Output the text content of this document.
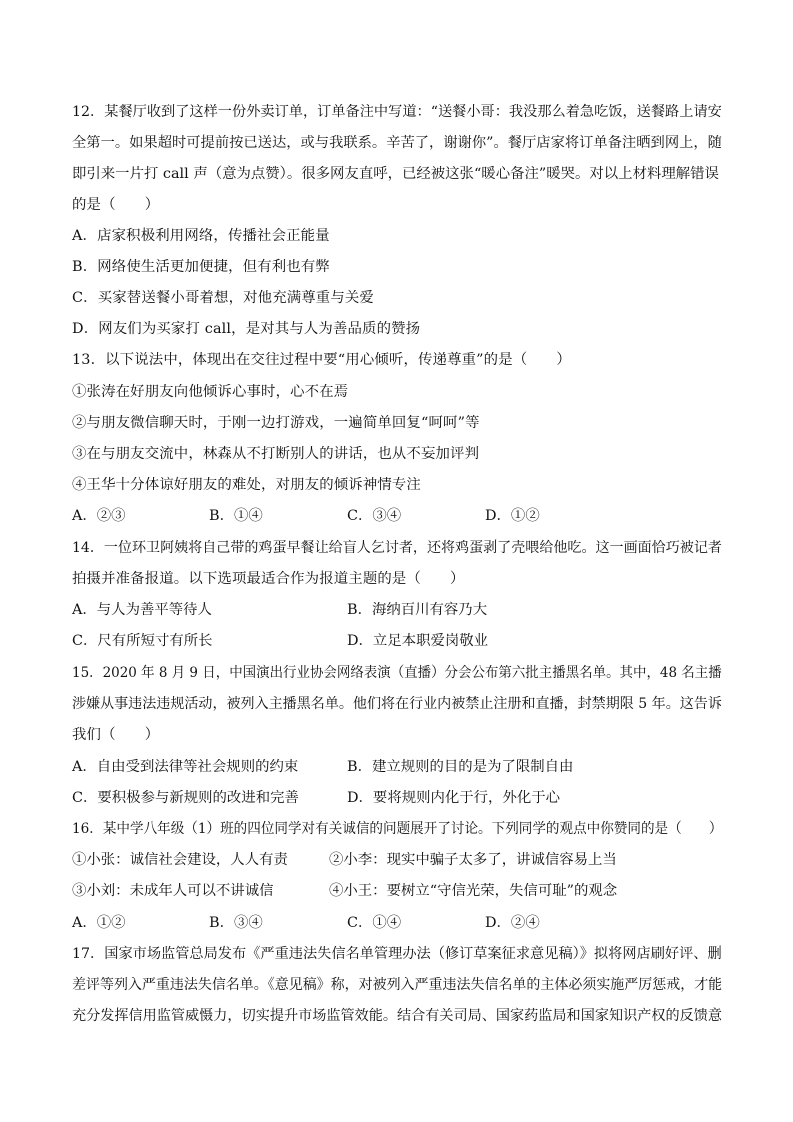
12．某餐厅收到了这样一份外卖订单，订单备注中写道：“送餐小哥：我没那么着急吃饭，送餐路上请安

全第一。如果超时可提前按已送达，或与我联系。辛苦了，谢谢你”。餐厅店家将订单备注晒到网上，随

即引来一片打 call 声（意为点赞）。很多网友直呼，已经被这张“暖心备注”暖哭。对以上材料理解错误

的是（　　）

A．店家积极利用网络，传播社会正能量

B．网络使生活更加便捷，但有利也有弊

C．买家替送餐小哥着想，对他充满尊重与关爱

D．网友们为买家打 call，是对其与人为善品质的赞扬

13．以下说法中，体现出在交往过程中要“用心倾听，传递尊重”的是（　　）

①张涛在好朋友向他倾诉心事时，心不在焉

②与朋友微信聊天时，于刚一边打游戏，一遍简单回复“呵呵”等

③在与朋友交流中，林森从不打断别人的讲话，也从不妄加评判

④王华十分体谅好朋友的难处，对朋友的倾诉神情专注

A．②③	B．①④	C．③④	D．①②

14．一位环卫阿姨将自己带的鸡蛋早餐让给盲人乞讨者，还将鸡蛋剥了壳喂给他吃。这一画面恰巧被记者

拍摄并准备报道。以下选项最适合作为报道主题的是（　　）

A．与人为善平等待人	B．海纳百川有容乃大

C．尺有所短寸有所长	D．立足本职爱岗敬业

15．2020 年 8 月 9 日，中国演出行业协会网络表演（直播）分会公布第六批主播黑名单。其中，48 名主播

涉嫌从事违法违规活动，被列入主播黑名单。他们将在行业内被禁止注册和直播，封禁期限 5 年。这告诉

我们（　　）

A．自由受到法律等社会规则的约束	B．建立规则的目的是为了限制自由

C．要积极参与新规则的改进和完善	D．要将规则内化于行，外化于心

16．某中学八年级（1）班的四位同学对有关诚信的问题展开了讨论。下列同学的观点中你赞同的是（　　）

①小张：诚信社会建设，人人有责	②小李：现实中骗子太多了，讲诚信容易上当

③小刘：未成年人可以不讲诚信	④小王：要树立“守信光荣，失信可耻”的观念

A．①②	B．③④	C．①④	D．②④

17．国家市场监管总局发布《严重违法失信名单管理办法（修订草案征求意见稿）》拟将网店刷好评、删

差评等列入严重违法失信名单。《意见稿》称，对被列入严重违法失信名单的主体必须实施严厉惩戒，才能

充分发挥信用监管威慑力，切实提升市场监管效能。结合有关司局、国家药监局和国家知识产权的反馈意
